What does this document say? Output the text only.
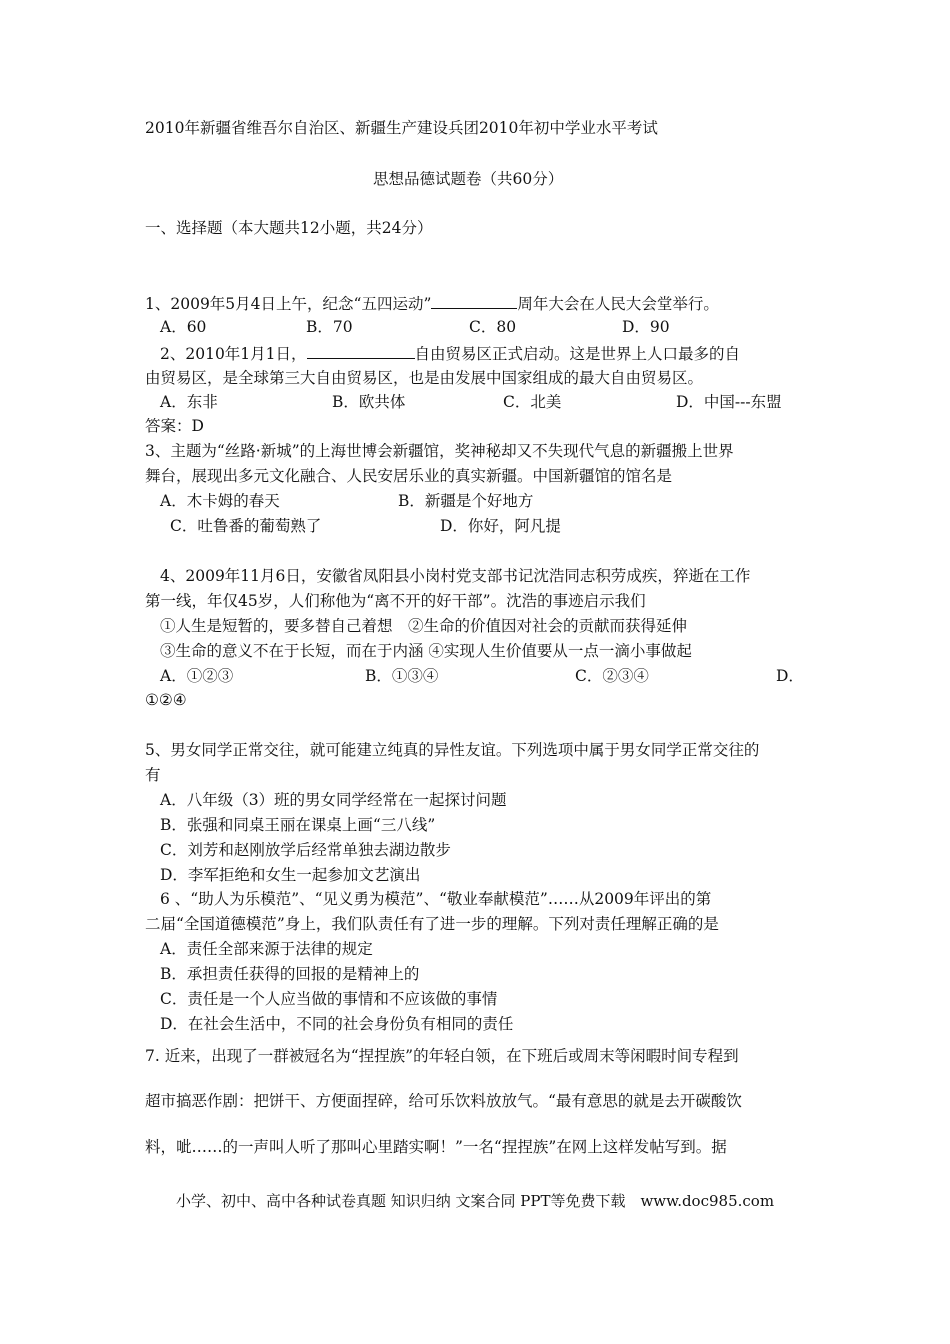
2010年新疆省维吾尔自治区、新疆生产建设兵团2010年初中学业水平考试
思想品德试题卷（共60分）
一、选择题（本大题共12小题，共24分）
1、2009年5月4日上午，纪念“五四运动”	周年大会在人民大会堂举行。
A．60	B．70	C．80	D．90
2、2010年1月1日，	自由贸易区正式启动。这是世界上人口最多的自
由贸易区，是全球第三大自由贸易区，也是由发展中国家组成的最大自由贸易区。
A．东非	B．欧共体	C．北美	D．中国---东盟
答案：D
3、主题为“丝路·新城”的上海世博会新疆馆，奖神秘却又不失现代气息的新疆搬上世界
舞台，展现出多元文化融合、人民安居乐业的真实新疆。中国新疆馆的馆名是
A．木卡姆的春天	B．新疆是个好地方
C．吐鲁番的葡萄熟了	D．你好，阿凡提
4、2009年11月6日，安徽省凤阳县小岗村党支部书记沈浩同志积劳成疾，猝逝在工作
第一线，年仅45岁，人们称他为“离不开的好干部”。沈浩的事迹启示我们
①人生是短暂的，要多替自己着想　②生命的价值因对社会的贡献而获得延伸
③生命的意义不在于长短，而在于内涵 ④实现人生价值要从一点一滴小事做起
A．①②③	B．①③④	C．②③④	D．
①②④
5、男女同学正常交往，就可能建立纯真的异性友谊。下列选项中属于男女同学正常交往的
有
A．八年级（3）班的男女同学经常在一起探讨问题
B．张强和同桌王丽在课桌上画“三八线”
C．刘芳和赵刚放学后经常单独去湖边散步
D．李军拒绝和女生一起参加文艺演出
6 、“助人为乐模范”、“见义勇为模范”、“敬业奉献模范”……从2009年评出的第
二届“全国道德模范”身上，我们队责任有了进一步的理解。下列对责任理解正确的是
A．责任全部来源于法律的规定
B．承担责任获得的回报的是精神上的
C．责任是一个人应当做的事情和不应该做的事情
D．在社会生活中，不同的社会身份负有相同的责任
7. 近来，出现了一群被冠名为“捏捏族”的年轻白领，在下班后或周末等闲暇时间专程到
超市搞恶作剧：把饼干、方便面捏碎，给可乐饮料放放气。“最有意思的就是去开碳酸饮
料，呲……的一声叫人听了那叫心里踏实啊！”一名“捏捏族”在网上这样发帖写到。据
小学、初中、高中各种试卷真题 知识归纳 文案合同 PPT等免费下载　www.doc985.com
